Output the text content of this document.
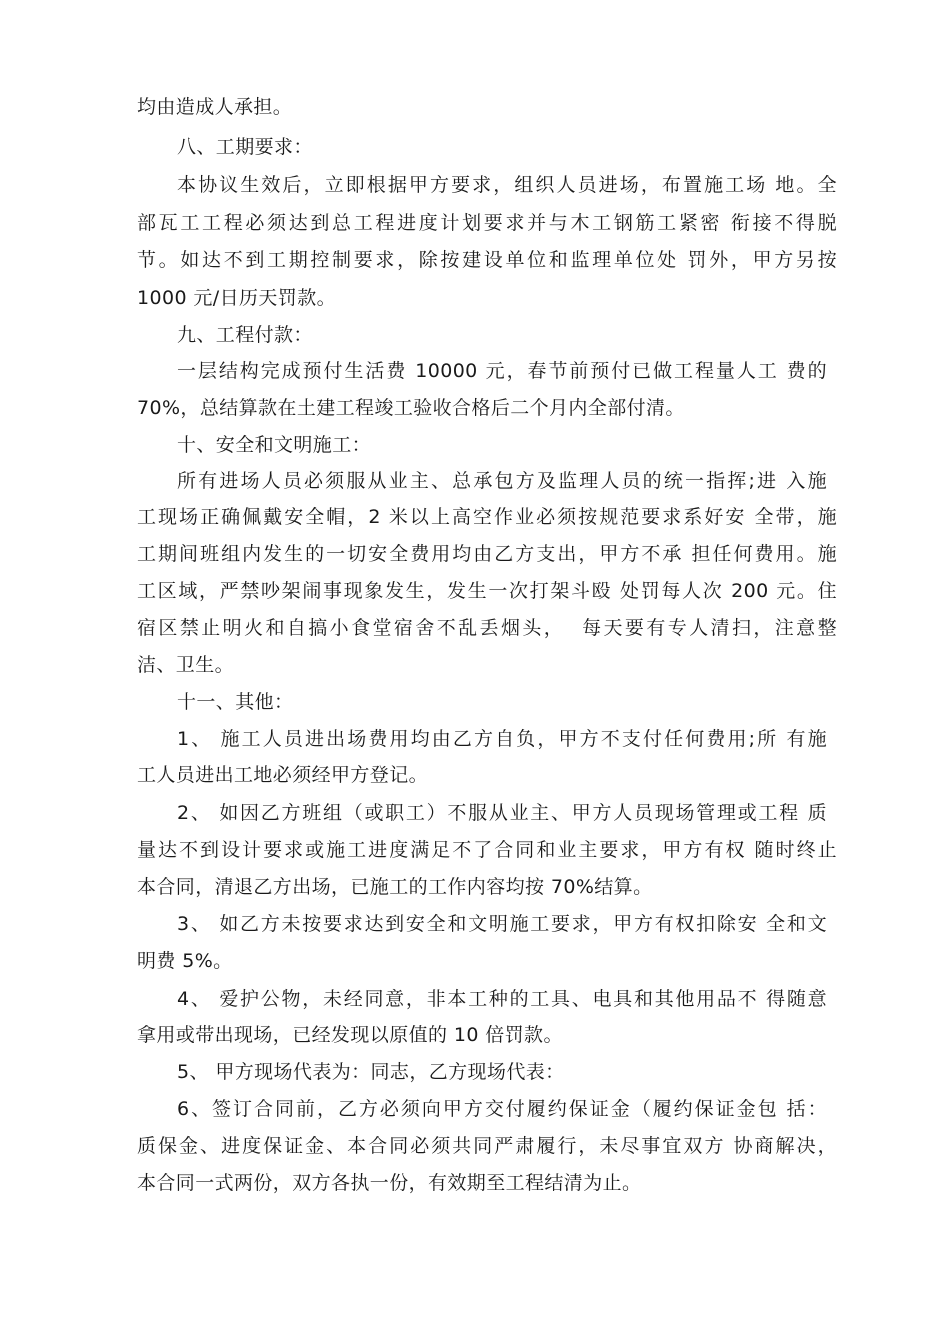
均由造成人承担。

八、工期要求：

本协议生效后，立即根据甲方要求，组织人员进场，布置施工场 地。全

部瓦工工程必须达到总工程进度计划要求并与木工钢筋工紧密 衔接不得脱

节。如达不到工期控制要求，除按建设单位和监理单位处 罚外，甲方另按

1000 元/日历天罚款。

九、工程付款：

一层结构完成预付生活费 10000 元，春节前预付已做工程量人工 费的

70%，总结算款在土建工程竣工验收合格后二个月内全部付清。

十、安全和文明施工：

所有进场人员必须服从业主、总承包方及监理人员的统一指挥;进 入施

工现场正确佩戴安全帽，2 米以上高空作业必须按规范要求系好安 全带，施

工期间班组内发生的一切安全费用均由乙方支出，甲方不承 担任何费用。施

工区域，严禁吵架闹事现象发生，发生一次打架斗殴 处罚每人次 200 元。住

宿区禁止明火和自搞小食堂宿舍不乱丢烟头，  每天要有专人清扫，注意整

洁、卫生。

十一、其他：

1、 施工人员进出场费用均由乙方自负，甲方不支付任何费用;所 有施

工人员进出工地必须经甲方登记。

2、 如因乙方班组（或职工）不服从业主、甲方人员现场管理或工程 质

量达不到设计要求或施工进度满足不了合同和业主要求，甲方有权 随时终止

本合同，清退乙方出场，已施工的工作内容均按 70%结算。

3、 如乙方未按要求达到安全和文明施工要求，甲方有权扣除安 全和文

明费 5%。

4、 爱护公物，未经同意，非本工种的工具、电具和其他用品不 得随意

拿用或带出现场，已经发现以原值的 10 倍罚款。

5、 甲方现场代表为：同志，乙方现场代表：

6、签订合同前，乙方必须向甲方交付履约保证金（履约保证金包 括：

质保金、进度保证金、本合同必须共同严肃履行，未尽事宜双方 协商解决，

本合同一式两份，双方各执一份，有效期至工程结清为止。
